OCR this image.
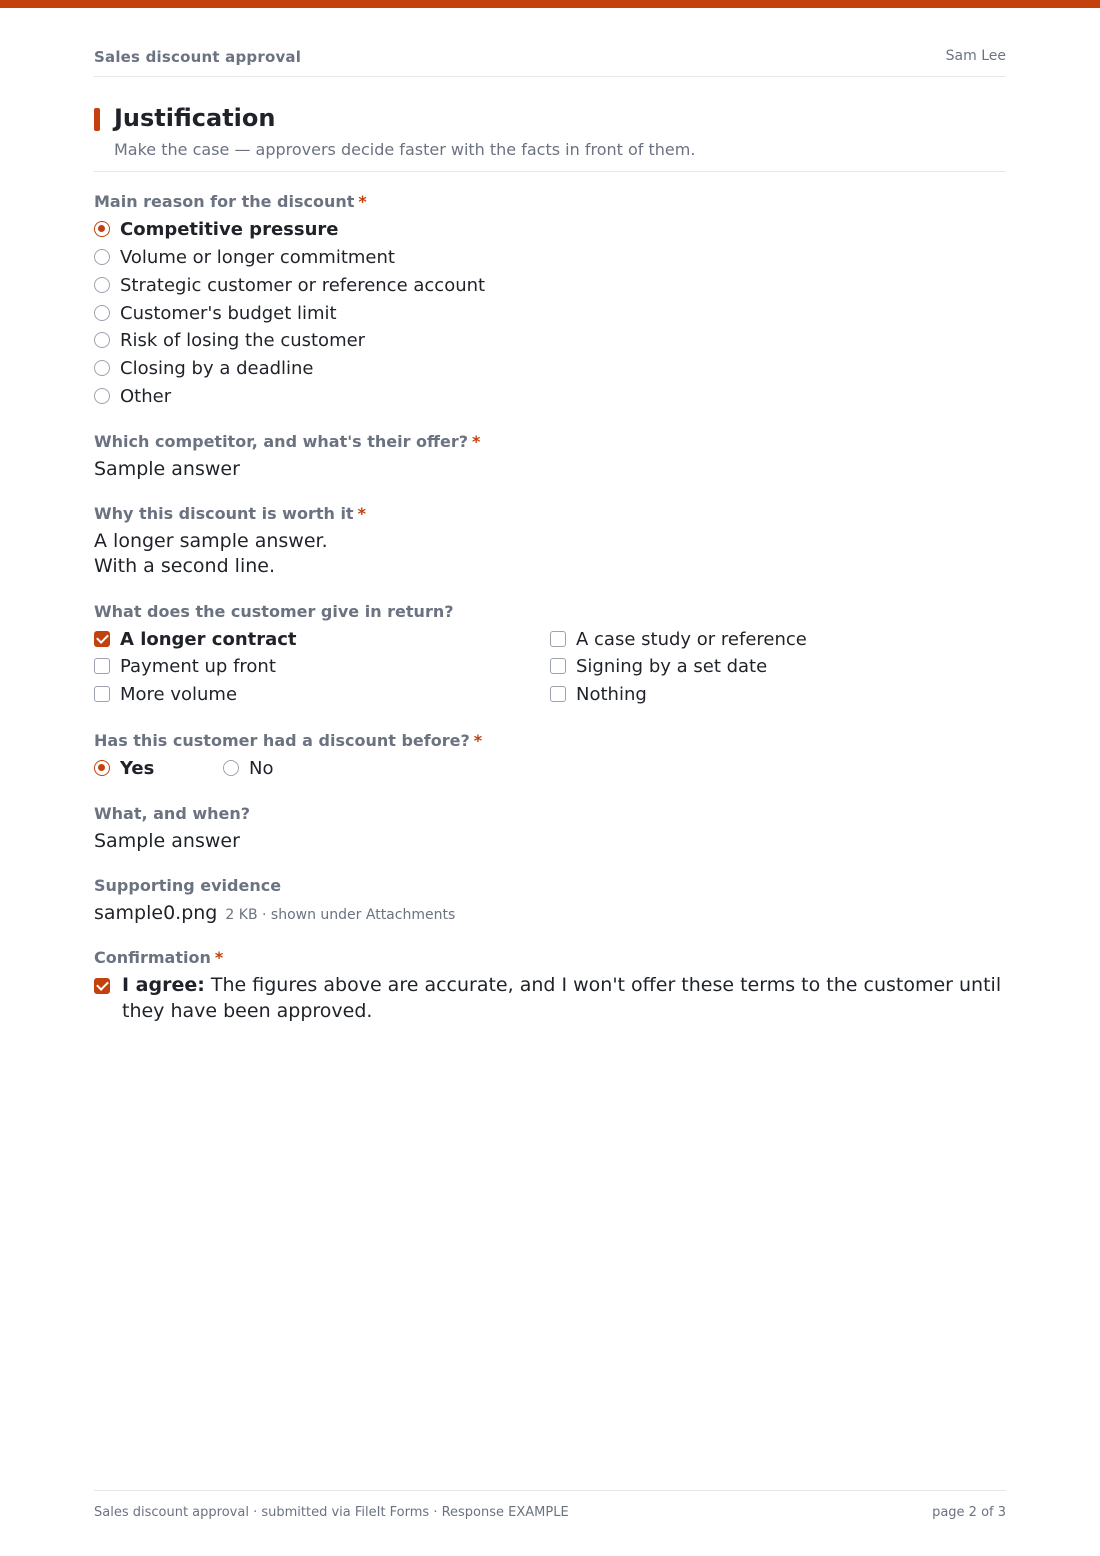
Sales discount approval	Sam Lee
Justification
Make the case — approvers decide faster with the facts in front of them.
Main reason for the discount *
Competitive pressure
Volume or longer commitment
Strategic customer or reference account
Customer's budget limit
Risk of losing the customer
Closing by a deadline
Other
Which competitor, and what's their offer? *
Sample answer
Why this discount is worth it *
A longer sample answer.
With a second line.
What does the customer give in return?
A longer contract
Payment up front
More volume
A case study or reference
Signing by a set date
Nothing
Has this customer had a discount before? *
Yes	No
What, and when?
Sample answer
Supporting evidence
sample0.png 2 KB · shown under Attachments
Confirmation *
I agree: The figures above are accurate, and I won't offer these terms to the customer until they have been approved.
Sales discount approval · submitted via FileIt Forms · Response EXAMPLE	page 2 of 3
